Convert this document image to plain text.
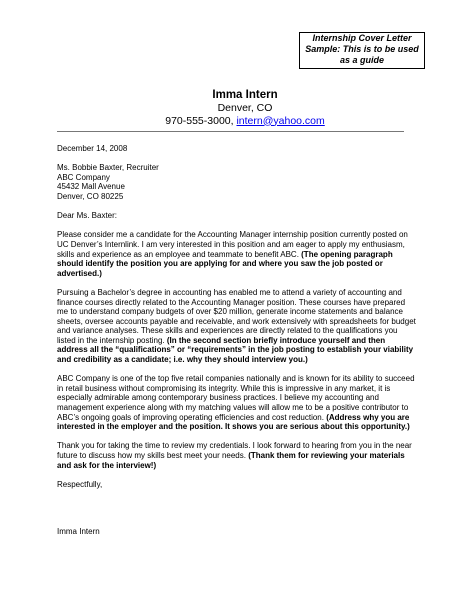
Internship Cover Letter
Sample: This is to be used
as a guide
Imma Intern
Denver, CO
970-555-3000, intern@yahoo.com

December 14, 2008

Ms. Bobbie Baxter, Recruiter

ABC Company

45432 Mall Avenue

Denver, CO 80225

Dear Ms. Baxter:

Please consider me a candidate for the Accounting Manager internship position currently posted on UC Denver’s Internlink. I am very interested in this position and am eager to apply my enthusiasm, skills and experience as an employee and teammate to benefit ABC. (The opening paragraph should identify the position you are applying for and where you saw the job posted or advertised.)

Pursuing a Bachelor’s degree in accounting has enabled me to attend a variety of accounting and finance courses directly related to the Accounting Manager position. These courses have prepared me to understand company budgets of over $20 million, generate income statements and balance sheets, oversee accounts payable and receivable, and work extensively with spreadsheets for budget and variance analyses. These skills and experiences are directly related to the qualifications you listed in the internship posting. (In the second section briefly introduce yourself and then address all the “qualifications” or “requirements” in the job posting to establish your viability and credibility as a candidate; i.e. why they should interview you.)

ABC Company is one of the top five retail companies nationally and is known for its ability to succeed in retail business without compromising its integrity. While this is impressive in any market, it is especially admirable among contemporary business practices. I believe my accounting and management experience along with my matching values will allow me to be a positive contributor to ABC’s ongoing goals of improving operating efficiencies and cost reduction. (Address why you are interested in the employer and the position. It shows you are serious about this opportunity.)

Thank you for taking the time to review my credentials. I look forward to hearing from you in the near future to discuss how my skills best meet your needs. (Thank them for reviewing your materials and ask for the interview!)

Respectfully,

Imma Intern
